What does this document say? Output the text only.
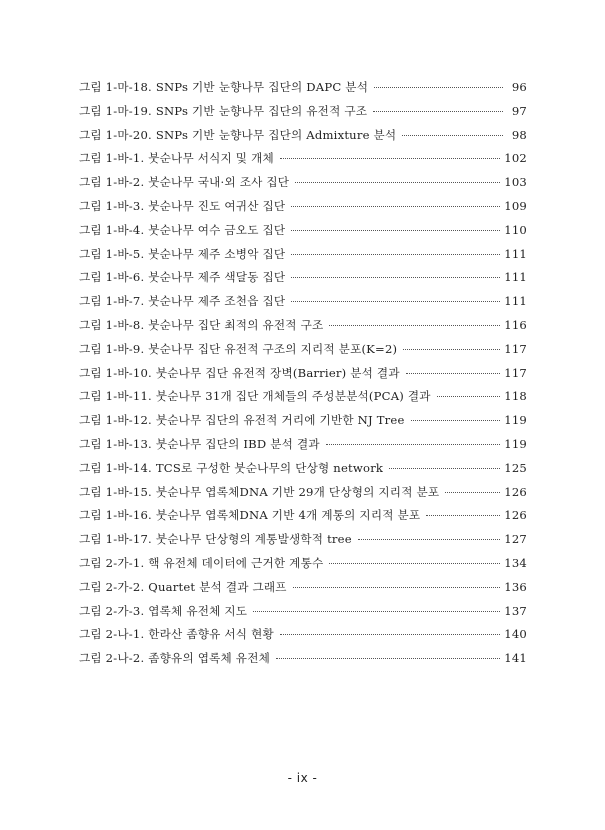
그림 1-마-18. SNPs 기반 눈향나무 집단의 DAPC 분석	96
그림 1-마-19. SNPs 기반 눈향나무 집단의 유전적 구조	97
그림 1-마-20. SNPs 기반 눈향나무 집단의 Admixture 분석	98
그림 1-바-1. 붓순나무 서식지 및 개체	102
그림 1-바-2. 붓순나무 국내·외 조사 집단	103
그림 1-바-3. 붓순나무 진도 여귀산 집단	109
그림 1-바-4. 붓순나무 여수 금오도 집단	110
그림 1-바-5. 붓순나무 제주 소병악 집단	111
그림 1-바-6. 붓순나무 제주 색달동 집단	111
그림 1-바-7. 붓순나무 제주 조천읍 집단	111
그림 1-바-8. 붓순나무 집단 최적의 유전적 구조	116
그림 1-바-9. 붓순나무 집단 유전적 구조의 지리적 분포(K=2)	117
그림 1-바-10. 붓순나무 집단 유전적 장벽(Barrier) 분석 결과	117
그림 1-바-11. 붓순나무 31개 집단 개체들의 주성분분석(PCA) 결과	118
그림 1-바-12. 붓순나무 집단의 유전적 거리에 기반한 NJ Tree	119
그림 1-바-13. 붓순나무 집단의 IBD 분석 결과	119
그림 1-바-14. TCS로 구성한 붓순나무의 단상형 network	125
그림 1-바-15. 붓순나무 엽록체DNA 기반 29개 단상형의 지리적 분포	126
그림 1-바-16. 붓순나무 엽록체DNA 기반 4개 계통의 지리적 분포	126
그림 1-바-17. 붓순나무 단상형의 계통발생학적 tree	127
그림 2-가-1. 핵 유전체 데이터에 근거한 계통수	134
그림 2-가-2. Quartet 분석 결과 그래프	136
그림 2-가-3. 엽록체 유전체 지도	137
그림 2-나-1. 한라산 좀향유 서식 현황	140
그림 2-나-2. 좀향유의 엽록체 유전체	141
- ix -
